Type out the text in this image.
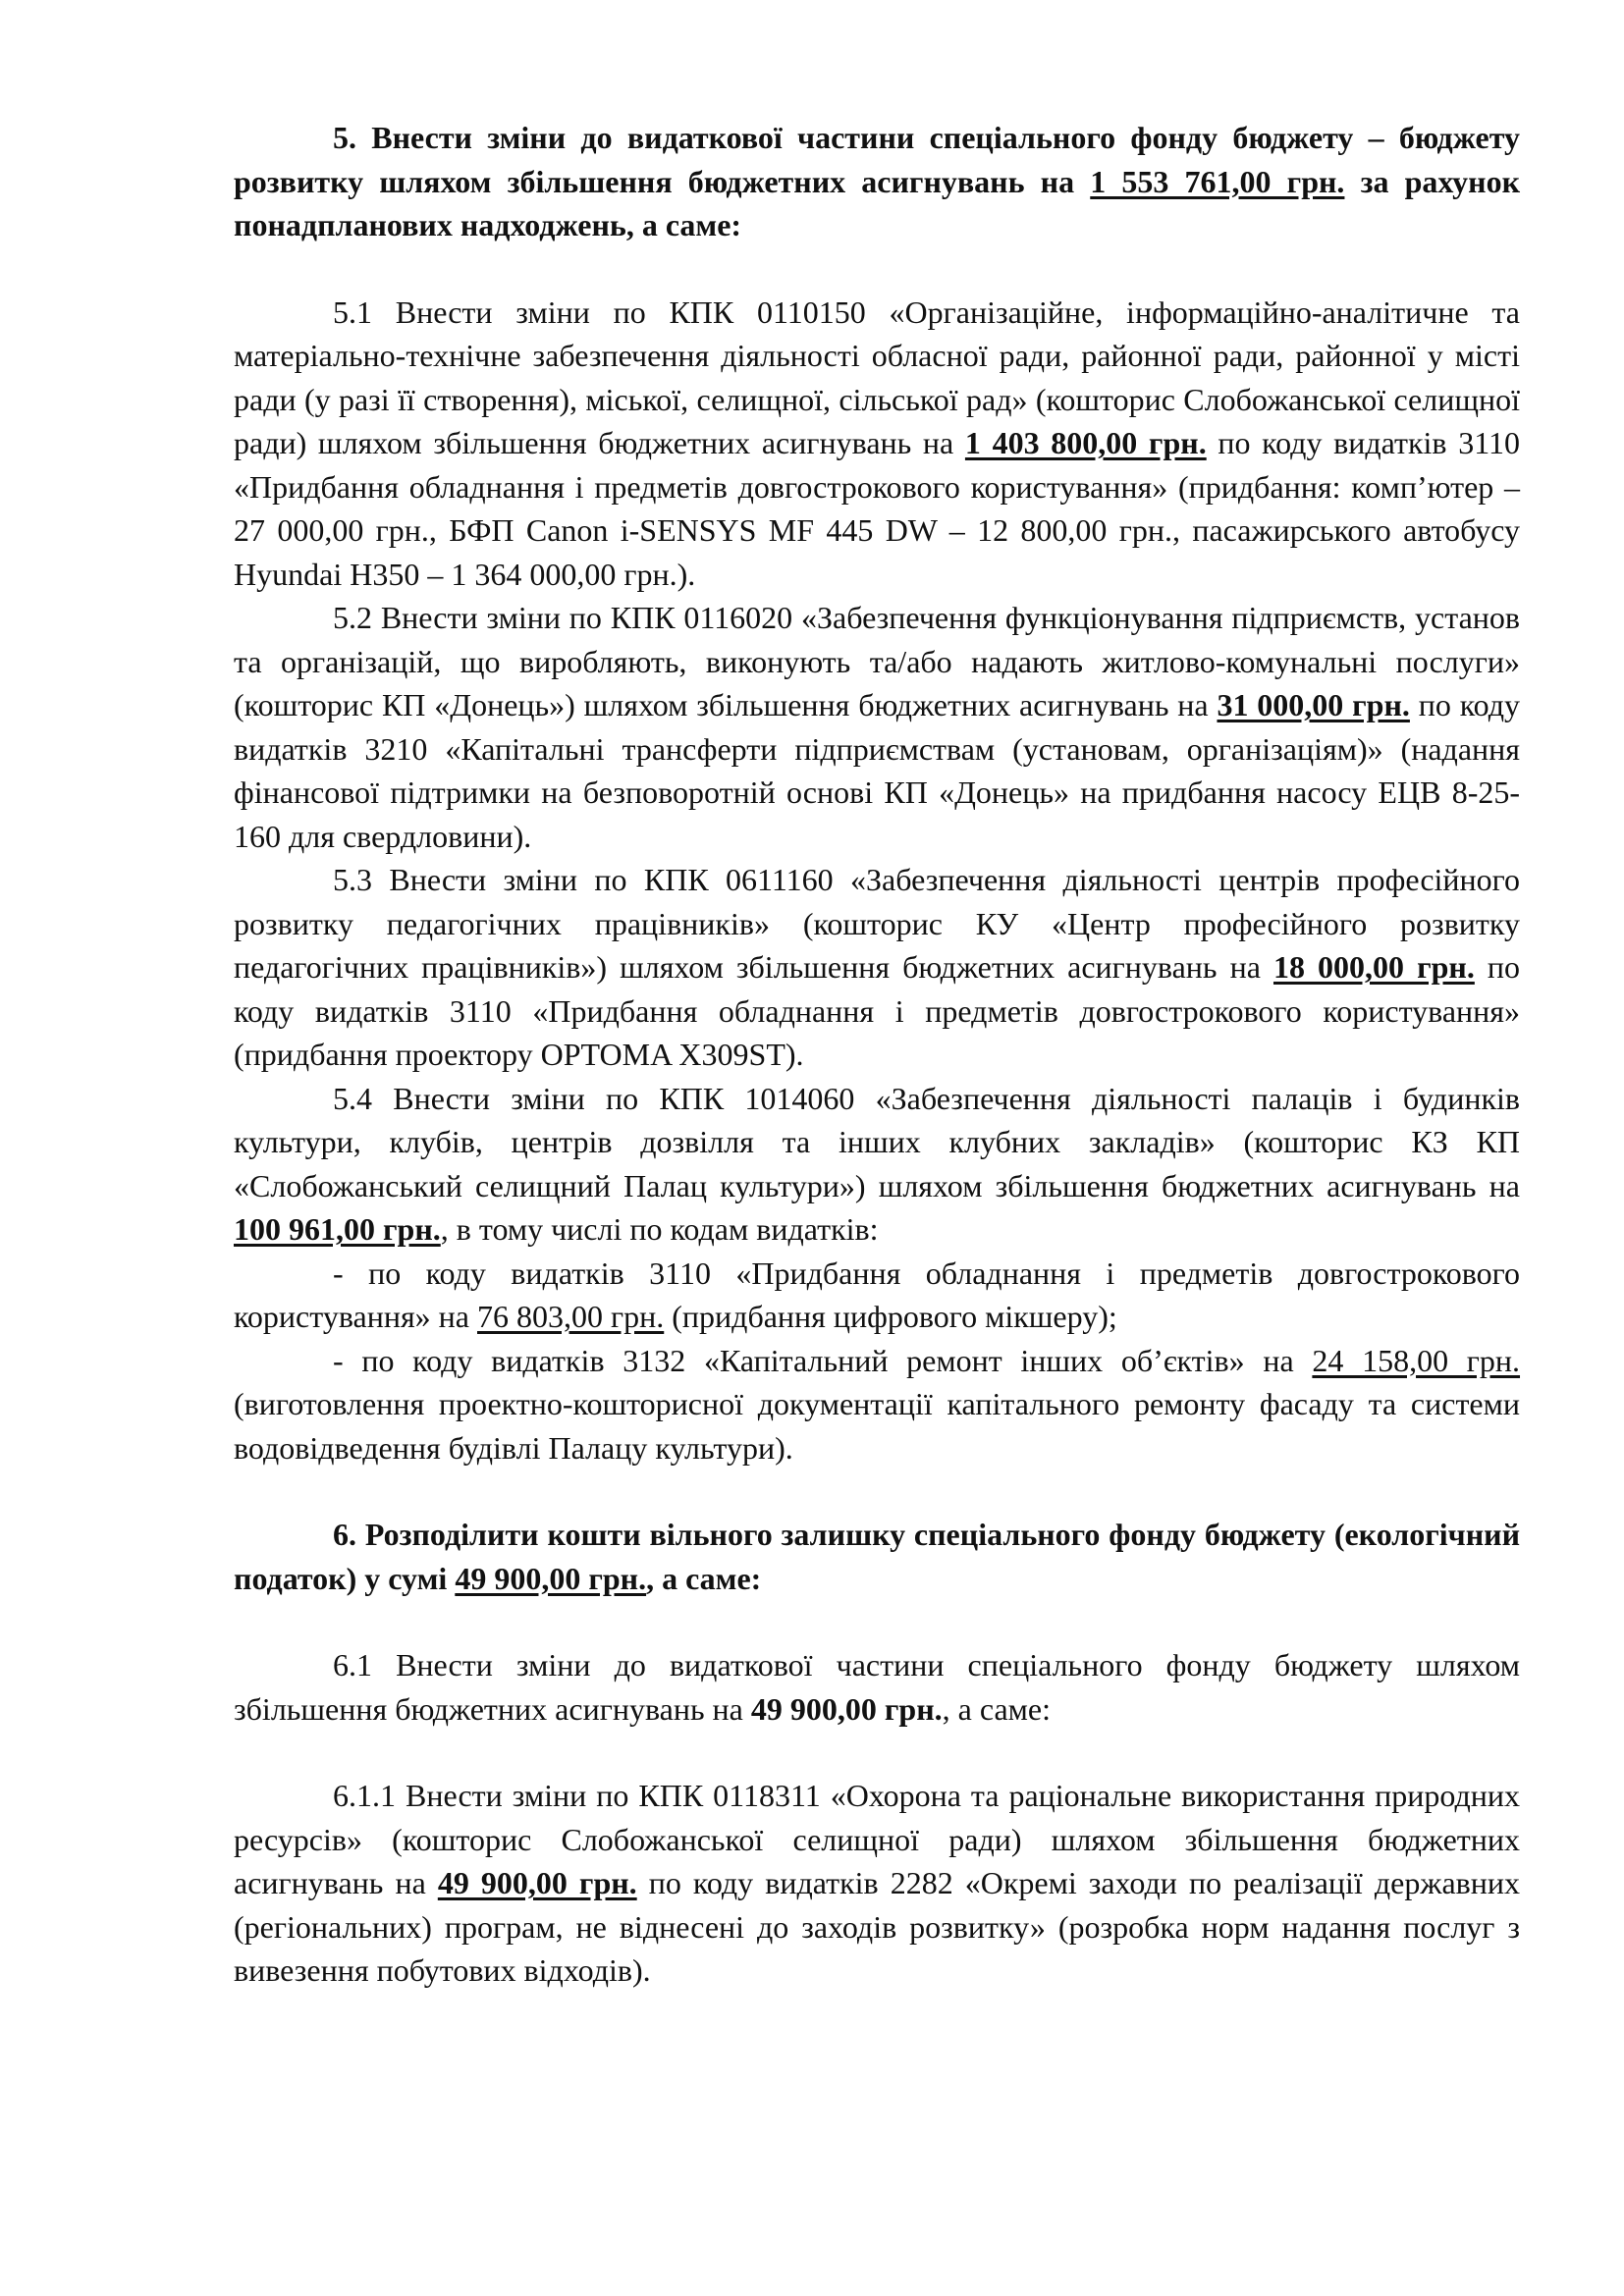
5. Внести зміни до видаткової частини спеціального фонду бюджету – бюджету розвитку шляхом збільшення бюджетних асигнувань на 1 553 761,00 грн. за рахунок понадпланових надходжень, а саме:

5.1 Внести зміни по КПК 0110150 «Організаційне, інформаційно-аналітичне та матеріально-технічне забезпечення діяльності обласної ради, районної ради, районної у місті ради (у разі її створення), міської, селищної, сільської рад» (кошторис Слобожанської селищної ради) шляхом збільшення бюджетних асигнувань на 1 403 800,00 грн. по коду видатків 3110 «Придбання обладнання і предметів довгострокового користування» (придбання: комп’ютер – 27 000,00 грн., БФП Canon i-SENSYS MF 445 DW – 12 800,00 грн., пасажирського автобусу Hyundai H350 – 1 364 000,00 грн.).

5.2 Внести зміни по КПК 0116020 «Забезпечення функціонування підприємств, установ та організацій, що виробляють, виконують та/або надають житлово-комунальні послуги» (кошторис КП «Донець») шляхом збільшення бюджетних асигнувань на 31 000,00 грн. по коду видатків 3210 «Капітальні трансферти підприємствам (установам, організаціям)» (надання фінансової підтримки на безповоротній основі КП «Донець» на придбання насосу ЕЦВ 8-25-160 для свердловини).

5.3 Внести зміни по КПК 0611160 «Забезпечення діяльності центрів професійного розвитку педагогічних працівників» (кошторис КУ «Центр професійного розвитку педагогічних працівників») шляхом збільшення бюджетних асигнувань на 18 000,00 грн. по коду видатків 3110 «Придбання обладнання і предметів довгострокового користування» (придбання проектору OPTOMA X309ST).

5.4 Внести зміни по КПК 1014060 «Забезпечення діяльності палаців і будинків культури, клубів, центрів дозвілля та інших клубних закладів» (кошторис КЗ КП «Слобожанський селищний Палац культури») шляхом збільшення бюджетних асигнувань на 100 961,00 грн., в тому числі по кодам видатків:

- по коду видатків 3110 «Придбання обладнання і предметів довгострокового користування» на 76 803,00 грн. (придбання цифрового мікшеру);

- по коду видатків 3132 «Капітальний ремонт інших об’єктів» на 24 158,00 грн. (виготовлення проектно-кошторисної документації капітального ремонту фасаду та системи водовідведення будівлі Палацу культури).

6. Розподілити кошти вільного залишку спеціального фонду бюджету (екологічний податок) у сумі 49 900,00 грн., а саме:

6.1 Внести зміни до видаткової частини спеціального фонду бюджету шляхом збільшення бюджетних асигнувань на 49 900,00 грн., а саме:

6.1.1 Внести зміни по КПК 0118311 «Охорона та раціональне використання природних ресурсів» (кошторис Слобожанської селищної ради) шляхом збільшення бюджетних асигнувань на 49 900,00 грн. по коду видатків 2282 «Окремі заходи по реалізації державних (регіональних) програм, не віднесені до заходів розвитку» (розробка норм надання послуг з вивезення побутових відходів).
